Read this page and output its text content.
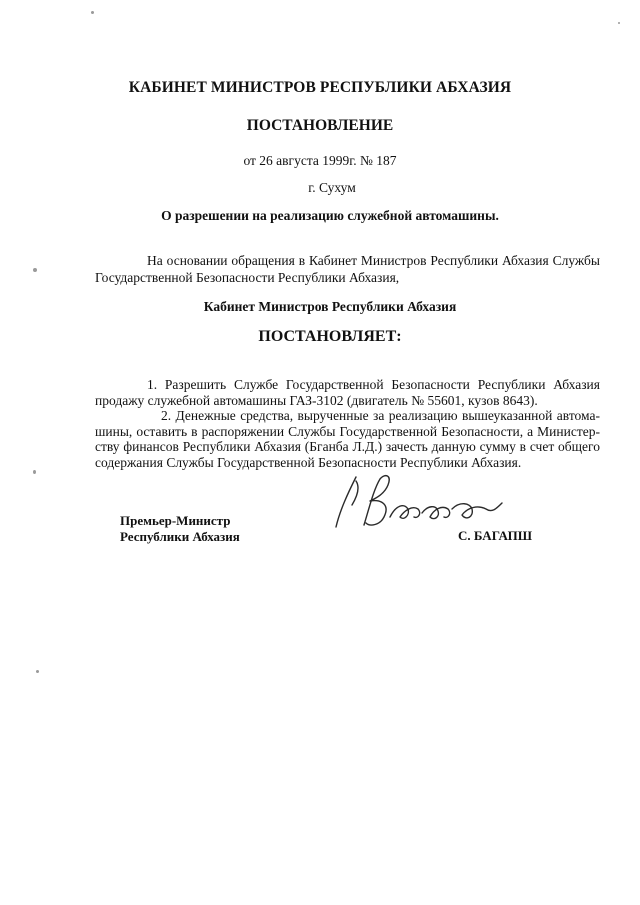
КАБИНЕТ МИНИСТРОВ РЕСПУБЛИКИ АБХАЗИЯ
ПОСТАНОВЛЕНИЕ
от 26 августа 1999г. № 187
г. Сухум
О разрешении на реализацию служебной автомашины.

На основании обращения в Кабинет Министров Республики Абхазия Службы Государственной Безопасности Республики Абхазия,

Кабинет Министров Республики Абхазия
ПОСТАНОВЛЯЕТ:

1. Разрешить Службе Государственной Безопасности Республики Абхазия продажу служебной автомашины ГАЗ-3102 (двигатель № 55601, кузов 8643).

2. Денежные средства, вырученные за реализацию вышеуказанной автома-шины, оставить в распоряжении Службы Государственной Безопасности, а Министер-ству финансов Республики Абхазия (Бганба Л.Д.) зачесть данную сумму в счет общего содержания Службы Государственной Безопасности Республики Абхазия.

Премьер-Министр
Республики Абхазия	С. БАГАПШ
